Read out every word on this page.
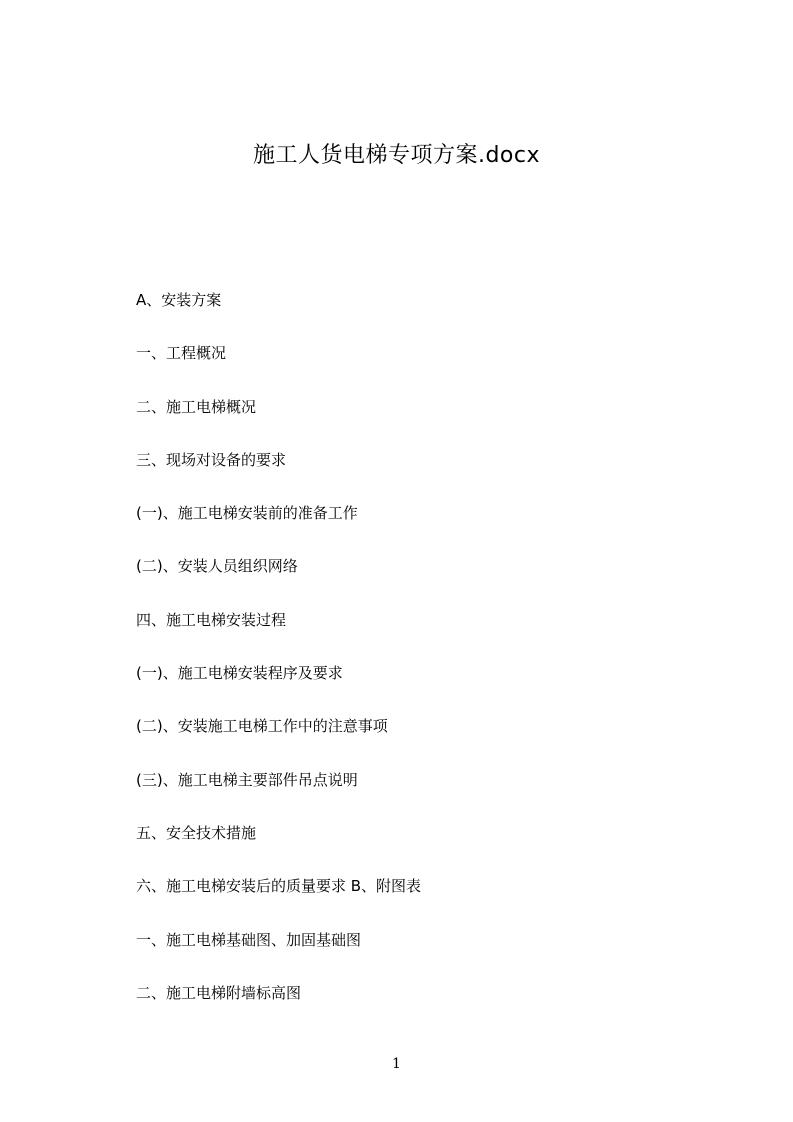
施工人货电梯专项方案.docx
A、安装方案
一、工程概况
二、施工电梯概况
三、现场对设备的要求
(一)、施工电梯安装前的准备工作
(二)、安装人员组织网络
四、施工电梯安装过程
(一)、施工电梯安装程序及要求
(二)、安装施工电梯工作中的注意事项
(三)、施工电梯主要部件吊点说明
五、安全技术措施
六、施工电梯安装后的质量要求 B、附图表
一、施工电梯基础图、加固基础图
二、施工电梯附墙标高图
1
